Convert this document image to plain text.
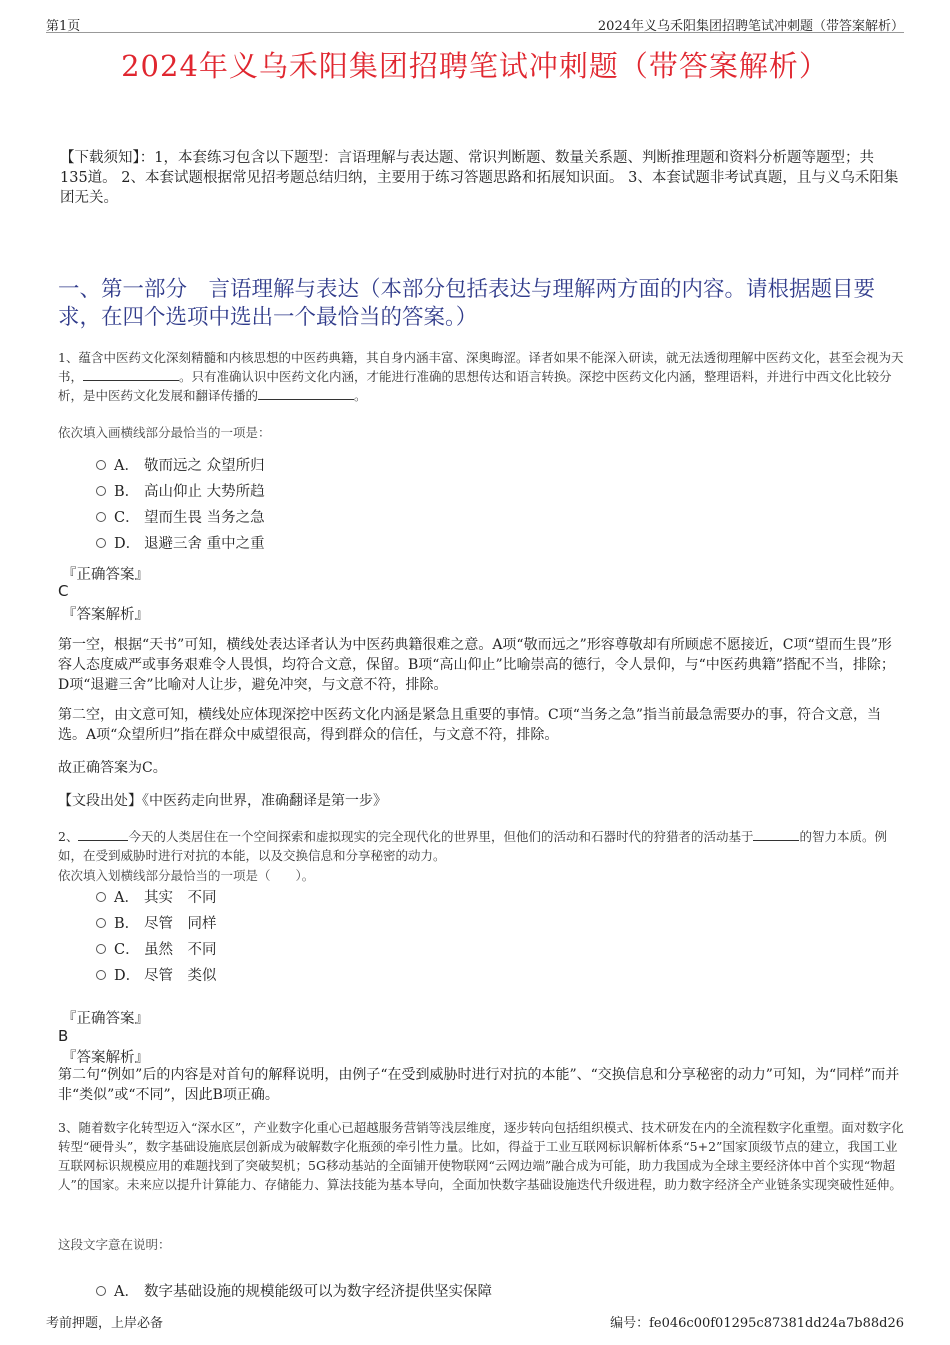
第1页	2024年义乌禾阳集团招聘笔试冲刺题（带答案解析）
2024年义乌禾阳集团招聘笔试冲刺题（带答案解析）
【下载须知】：1，本套练习包含以下题型：言语理解与表达题、常识判断题、数量关系题、判断推理题和资料分析题等题型；共135道。 2、本套试题根据常见招考题总结归纳，主要用于练习答题思路和拓展知识面。 3、本套试题非考试真题，且与义乌禾阳集团无关。
一、第一部分　言语理解与表达（本部分包括表达与理解两方面的内容。请根据题目要求，在四个选项中选出一个最恰当的答案。）
1、蕴含中医药文化深刻精髓和内核思想的中医药典籍，其自身内涵丰富、深奥晦涩。译者如果不能深入研读，就无法透彻理解中医药文化，甚至会视为天书，	。只有准确认识中医药文化内涵，才能进行准确的思想传达和语言转换。深挖中医药文化内涵，整理语料，并进行中西文化比较分析，是中医药文化发展和翻译传播的	。
依次填入画横线部分最恰当的一项是：
A． 敬而远之 众望所归
B． 高山仰止 大势所趋
C． 望而生畏 当务之急
D． 退避三舍 重中之重
『正确答案』
C
『答案解析』
第一空，根据“天书”可知，横线处表达译者认为中医药典籍很难之意。A项“敬而远之”形容尊敬却有所顾虑不愿接近，C项“望而生畏”形容人态度威严或事务艰难令人畏惧，均符合文意，保留。B项“高山仰止”比喻崇高的德行，令人景仰，与“中医药典籍”搭配不当，排除；D项“退避三舍”比喻对人让步，避免冲突，与文意不符，排除。
第二空，由文意可知，横线处应体现深挖中医药文化内涵是紧急且重要的事情。C项“当务之急”指当前最急需要办的事，符合文意，当选。A项“众望所归”指在群众中威望很高，得到群众的信任，与文意不符，排除。
故正确答案为C。
【文段出处】《中医药走向世界，准确翻译是第一步》
2、	今天的人类居住在一个空间探索和虚拟现实的完全现代化的世界里，但他们的活动和石器时代的狩猎者的活动基于	的智力本质。例如，在受到威胁时进行对抗的本能，以及交换信息和分享秘密的动力。
依次填入划横线部分最恰当的一项是（　　）。
A． 其实　不同
B． 尽管　同样
C． 虽然　不同
D． 尽管　类似
『正确答案』
B
『答案解析』
第二句“例如”后的内容是对首句的解释说明，由例子“在受到威胁时进行对抗的本能”、“交换信息和分享秘密的动力”可知，为“同样”而并非“类似”或“不同”，因此B项正确。
3、随着数字化转型迈入“深水区”，产业数字化重心已超越服务营销等浅层维度，逐步转向包括组织模式、技术研发在内的全流程数字化重塑。面对数字化转型“硬骨头”，数字基础设施底层创新成为破解数字化瓶颈的牵引性力量。比如，得益于工业互联网标识解析体系“5+2”国家顶级节点的建立，我国工业互联网标识规模应用的难题找到了突破契机；5G移动基站的全面铺开使物联网“云网边端”融合成为可能，助力我国成为全球主要经济体中首个实现“物超人”的国家。未来应以提升计算能力、存储能力、算法技能为基本导向，全面加快数字基础设施迭代升级进程，助力数字经济全产业链条实现突破性延伸。
这段文字意在说明：
A． 数字基础设施的规模能级可以为数字经济提供坚实保障
考前押题，上岸必备	编号：fe046c00f01295c87381dd24a7b88d26
